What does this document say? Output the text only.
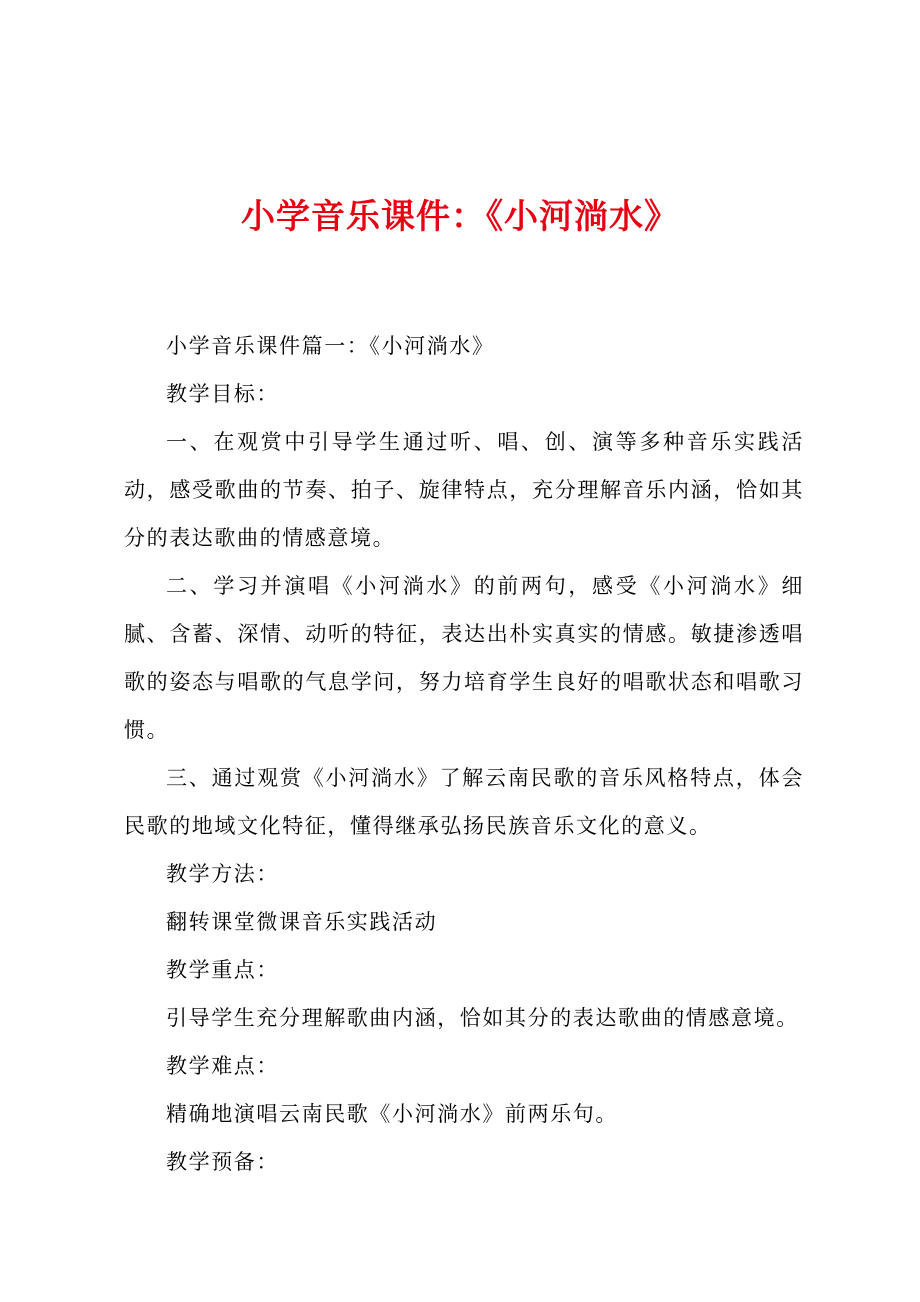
小学音乐课件：《小河淌水》

小学音乐课件篇一：《小河淌水》

教学目标：

一、在观赏中引导学生通过听、唱、创、演等多种音乐实践活动，感受歌曲的节奏、拍子、旋律特点，充分理解音乐内涵，恰如其分的表达歌曲的情感意境。

二、学习并演唱《小河淌水》的前两句，感受《小河淌水》细腻、含蓄、深情、动听的特征，表达出朴实真实的情感。敏捷渗透唱歌的姿态与唱歌的气息学问，努力培育学生良好的唱歌状态和唱歌习惯。

三、通过观赏《小河淌水》了解云南民歌的音乐风格特点，体会民歌的地域文化特征，懂得继承弘扬民族音乐文化的意义。

教学方法：

翻转课堂微课音乐实践活动

教学重点：

引导学生充分理解歌曲内涵，恰如其分的表达歌曲的情感意境。

教学难点：

精确地演唱云南民歌《小河淌水》前两乐句。

教学预备：
